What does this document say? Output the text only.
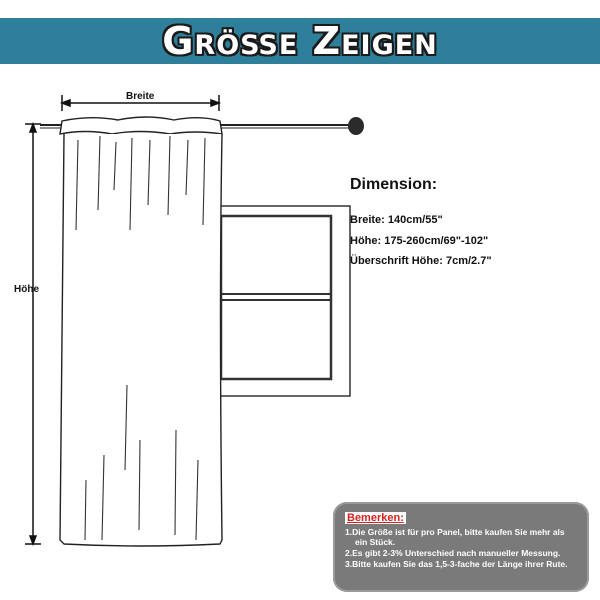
Größe Zeigen
Breite
Höhe
Dimension:
Breite: 140cm/55"
Höhe: 175-260cm/69"-102"
Überschrift Höhe: 7cm/2.7"
Bemerken:
1.Die Größe ist für pro Panel, bitte kaufen Sie mehr als ein Stück.
2.Es gibt 2-3% Unterschied nach manueller Messung.
3.Bitte kaufen Sie das 1,5-3-fache der Länge ihrer Rute.
